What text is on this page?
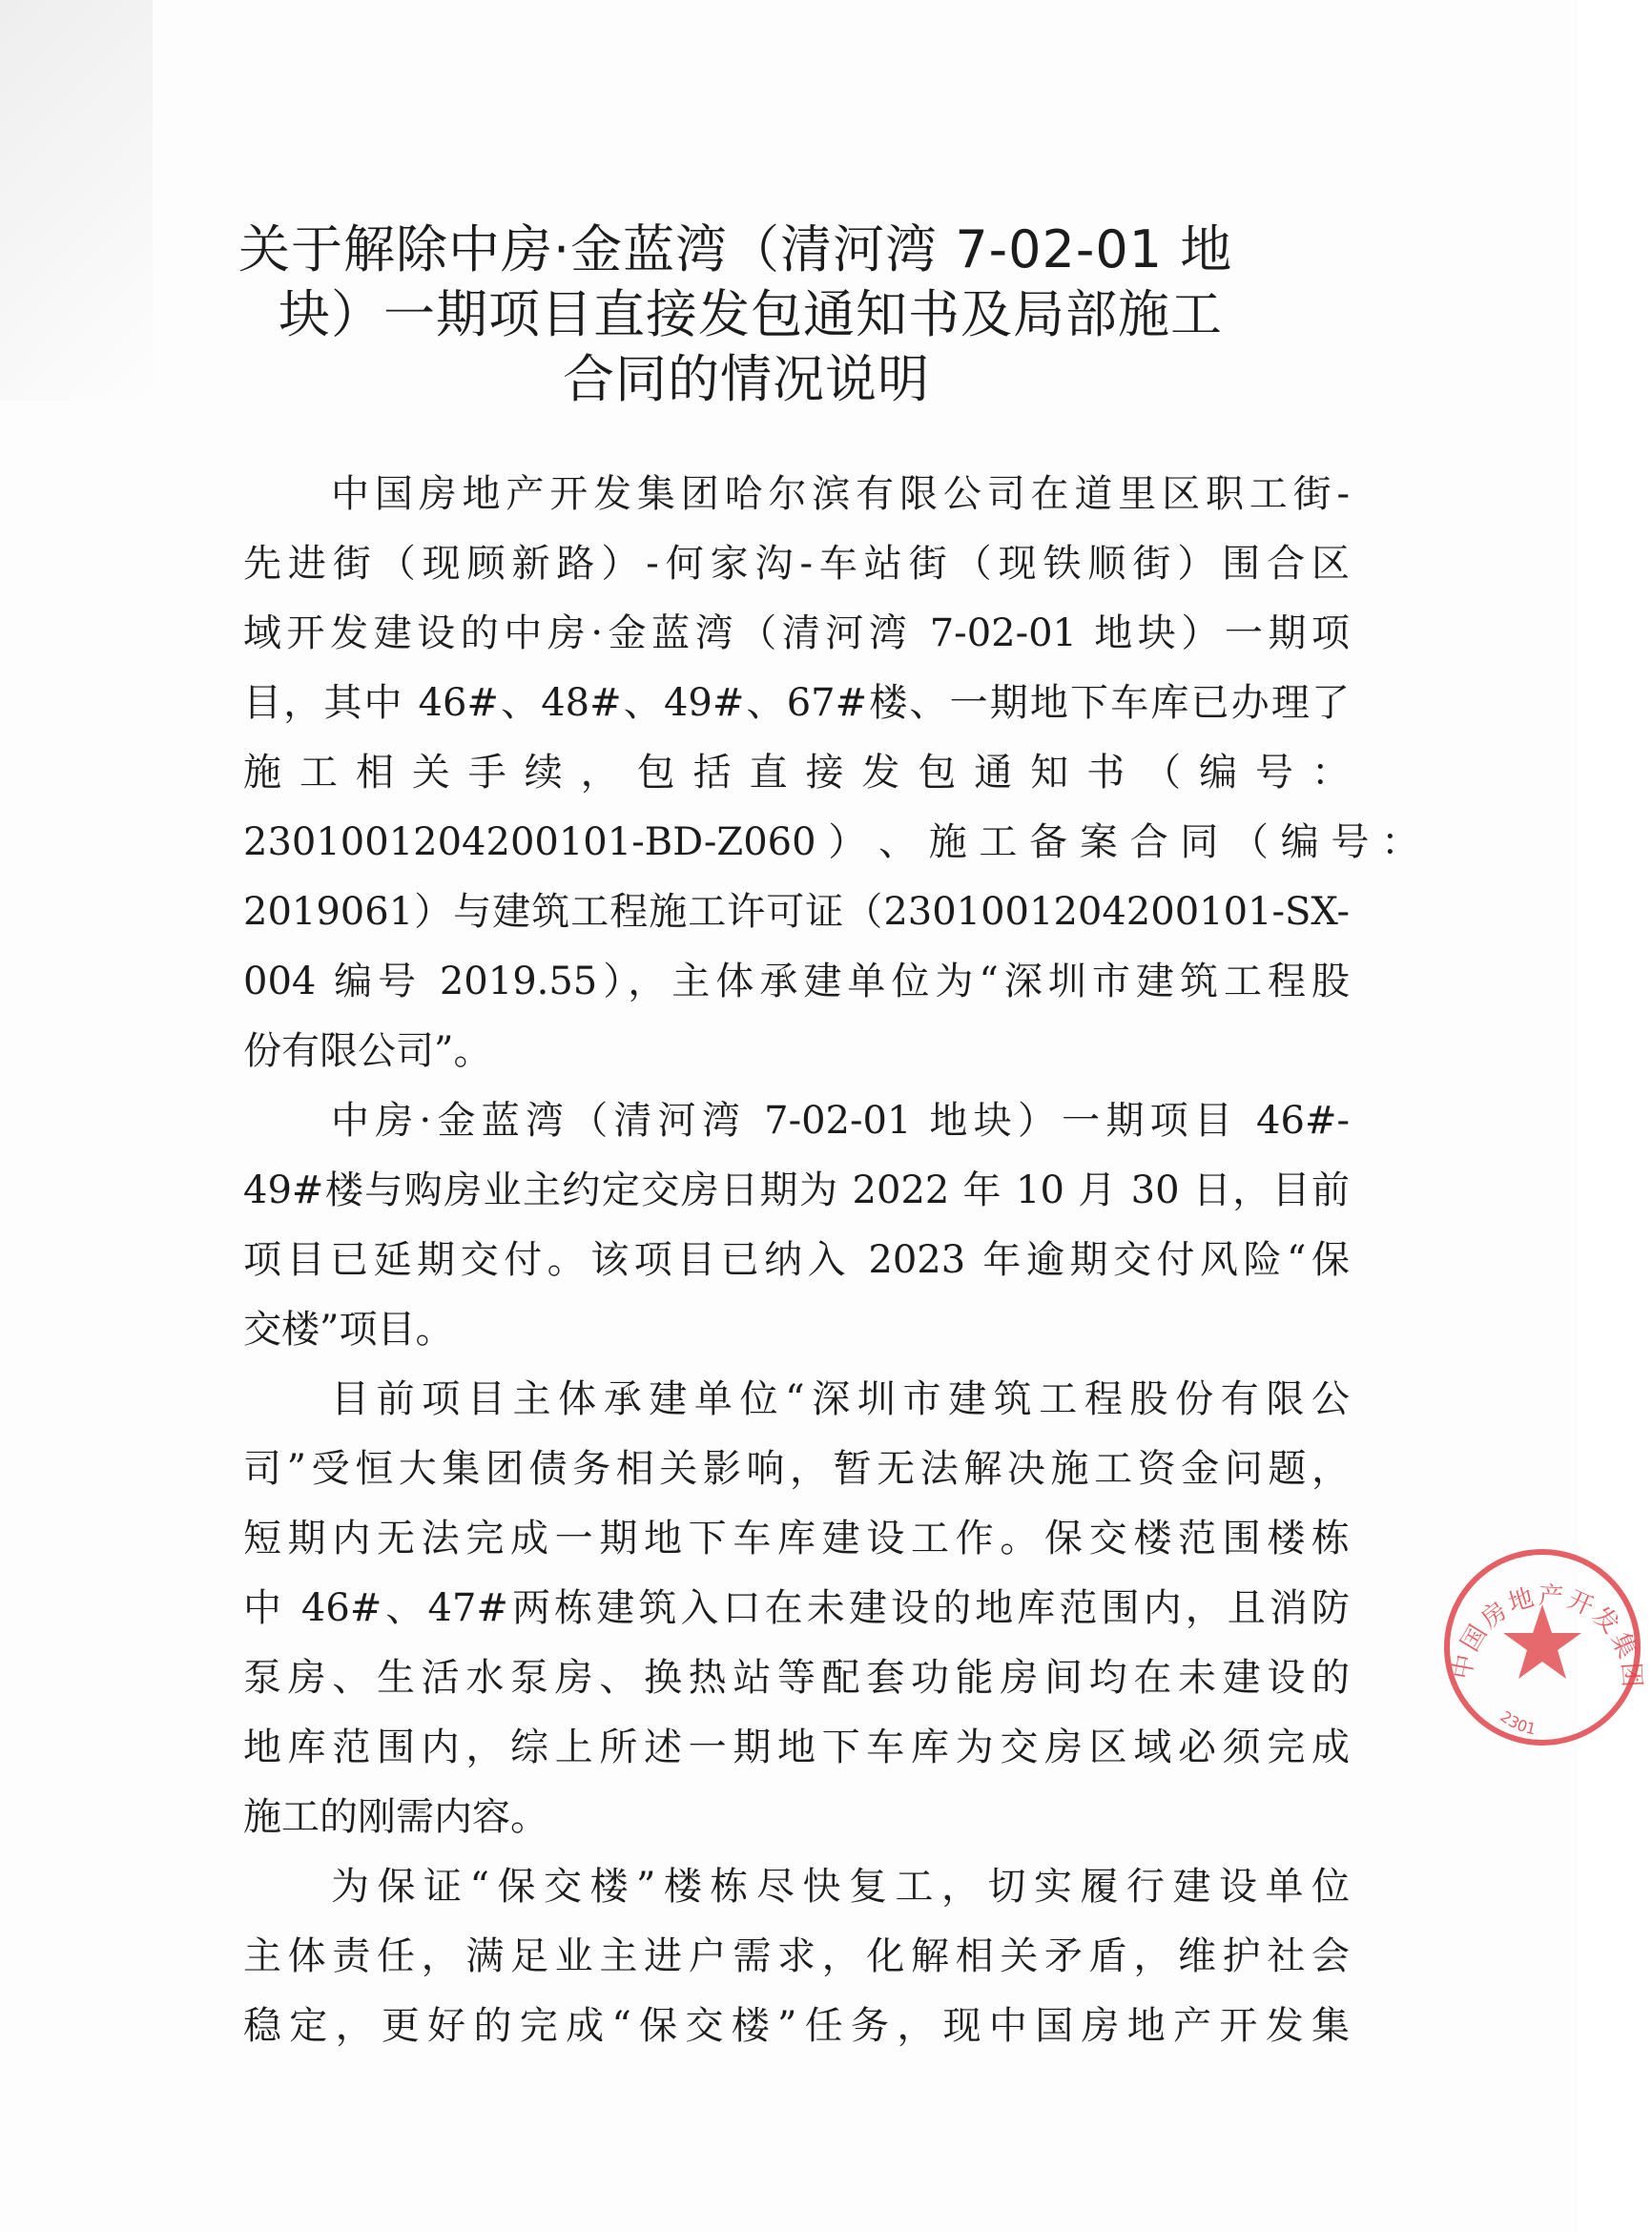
关于解除中房·金蓝湾（清河湾 7-02-01 地
块）一期项目直接发包通知书及局部施工
合同的情况说明

中国房地产开发集团哈尔滨有限公司在道里区职工街-
先进街（现顾新路）-何家沟-车站街（现铁顺街）围合区
域开发建设的中房·金蓝湾（清河湾 7-02-01 地块）一期项
目，其中 46#、48#、49#、67#楼、一期地下车库已办理了
施 工 相 关 手 续 ， 包 括 直 接 发 包 通 知 书 （ 编 号 ：
2301001204200101-BD-Z060 ） 、 施 工 备 案 合 同 （ 编 号 ：
2019061）与建筑工程施工许可证（2301001204200101-SX-
004 编号 2019.55），主体承建单位为“深圳市建筑工程股
份有限公司”。

中房·金蓝湾（清河湾 7-02-01 地块）一期项目 46#-
49#楼与购房业主约定交房日期为 2022 年 10 月 30 日，目前
项目已延期交付。该项目已纳入 2023 年逾期交付风险“保
交楼”项目。

目前项目主体承建单位“深圳市建筑工程股份有限公
司”受恒大集团债务相关影响，暂无法解决施工资金问题，
短期内无法完成一期地下车库建设工作。保交楼范围楼栋
中 46#、47#两栋建筑入口在未建设的地库范围内，且消防
泵房、生活水泵房、换热站等配套功能房间均在未建设的
地库范围内，综上所述一期地下车库为交房区域必须完成
施工的刚需内容。

为保证“保交楼”楼栋尽快复工，切实履行建设单位
主体责任，满足业主进户需求，化解相关矛盾，维护社会
稳定，更好的完成“保交楼”任务，现中国房地产开发集

中国房地产开发集团
2301
